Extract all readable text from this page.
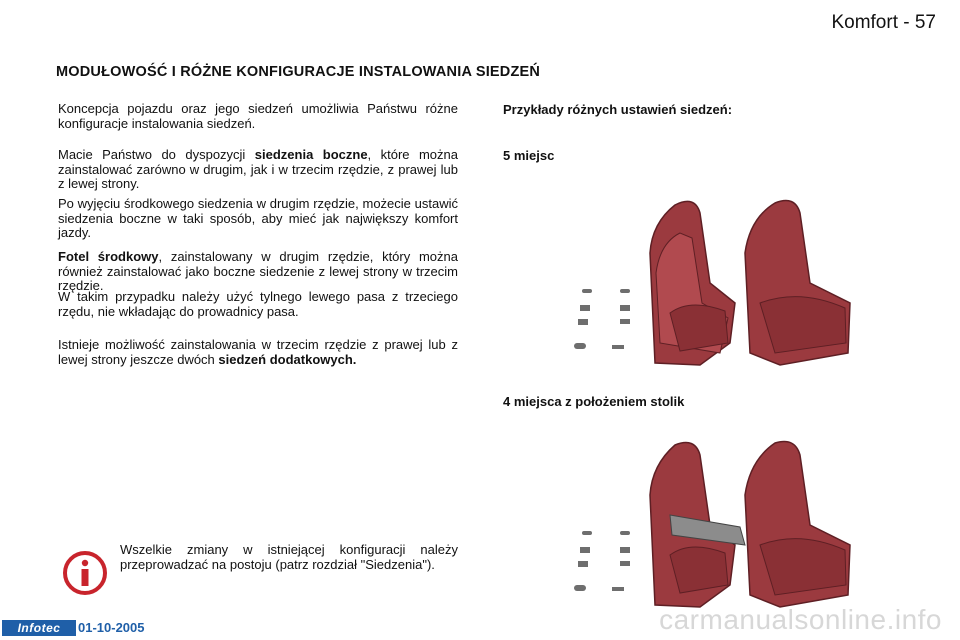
Komfort - 57
MODUŁOWOŚĆ I RÓŻNE KONFIGURACJE INSTALOWANIA SIEDZEŃ

Koncepcja pojazdu oraz jego siedzeń umożliwia Państwu różne konfiguracje instalowania siedzeń.

Macie Państwo do dyspozycji siedzenia boczne, które można zainstalować zarówno w drugim, jak i w trzecim rzędzie, z prawej lub z lewej strony.

Po wyjęciu środkowego siedzenia w drugim rzędzie, możecie ustawić siedzenia boczne w taki sposób, aby mieć jak największy komfort jazdy.

Fotel środkowy, zainstalowany w drugim rzędzie, który można również zainstalować jako boczne siedzenie z lewej strony w trzecim rzędzie.

W takim przypadku należy użyć tylnego lewego pasa z trzeciego rzędu, nie wkładając do prowadnicy pasa.

Istnieje możliwość zainstalowania w trzecim rzędzie z prawej lub z lewej strony jeszcze dwóch siedzeń dodatkowych.

Przykłady różnych ustawień siedzeń:
5 miejsc
4 miejsca z położeniem stolik
Wszelkie zmiany w istniejącej konfiguracji należy przeprowadzać na postoju (patrz rozdział "Siedzenia").
Infotec	01-10-2005	carmanualsonline.info
